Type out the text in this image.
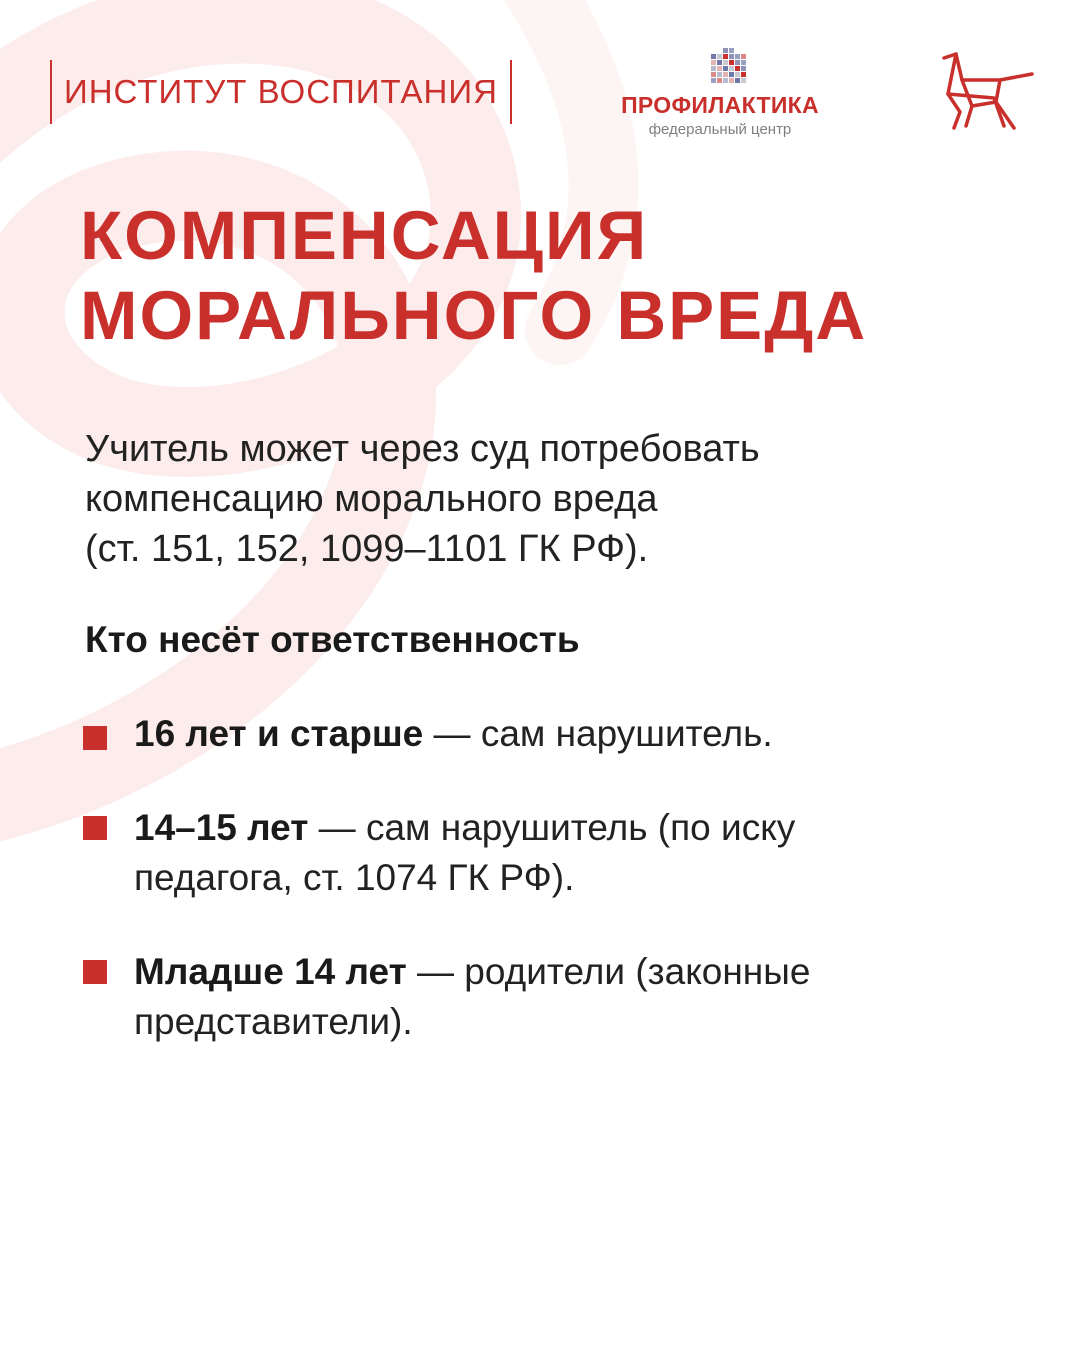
ИНСТИТУТ ВОСПИТАНИЯ	ПРОФИЛАКТИКА
федеральный центр
КОМПЕНСАЦИЯ
МОРАЛЬНОГО ВРЕДА
Учитель может через суд потребовать
компенсацию морального вреда
(ст. 151, 152, 1099–1101 ГК РФ).
Кто несёт ответственность
16 лет и старше — сам нарушитель.
14–15 лет — сам нарушитель (по иску
педагога, ст. 1074 ГК РФ).
Младше 14 лет — родители (законные
представители).
